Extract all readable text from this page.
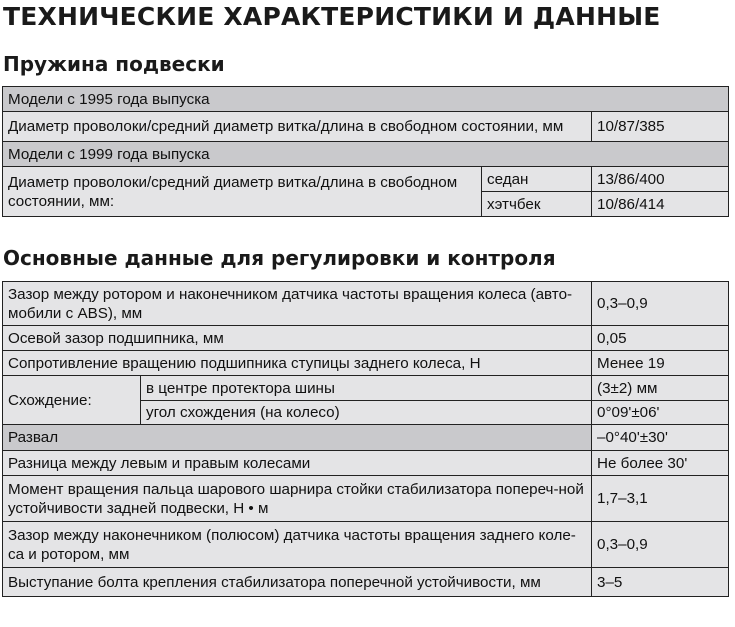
ТЕХНИЧЕСКИЕ ХАРАКТЕРИСТИКИ И ДАННЫЕ
Пружина подвески
Модели с 1995 года выпуска		
Диаметр проволоки/средний диаметр витка/длина в свободном состоянии, мм		10/87/385
Модели с 1999 года выпуска		
Диаметр проволоки/средний диаметр витка/длина в свободном состоянии, мм:	седан	13/86/400
	хэтчбек	10/86/414
Основные данные для регулировки и контроля
Зазор между ротором и наконечником датчика частоты вращения колеса (авто-мобили с ABS), мм		0,3–0,9
Осевой зазор подшипника, мм		0,05
Сопротивление вращению подшипника ступицы заднего колеса, Н		Менее 19
Схождение:	в центре протектора шины	(3±2) мм
	угол схождения (на колесо)	0°09'±06'
Развал		–0°40'±30'
Разница между левым и правым колесами		Не более 30'
Момент вращения пальца шарового шарнира стойки стабилизатора попереч-ной устойчивости задней подвески, Н • м		1,7–3,1
Зазор между наконечником (полюсом) датчика частоты вращения заднего коле-са и ротором, мм		0,3–0,9
Выступание болта крепления стабилизатора поперечной устойчивости, мм		3–5
